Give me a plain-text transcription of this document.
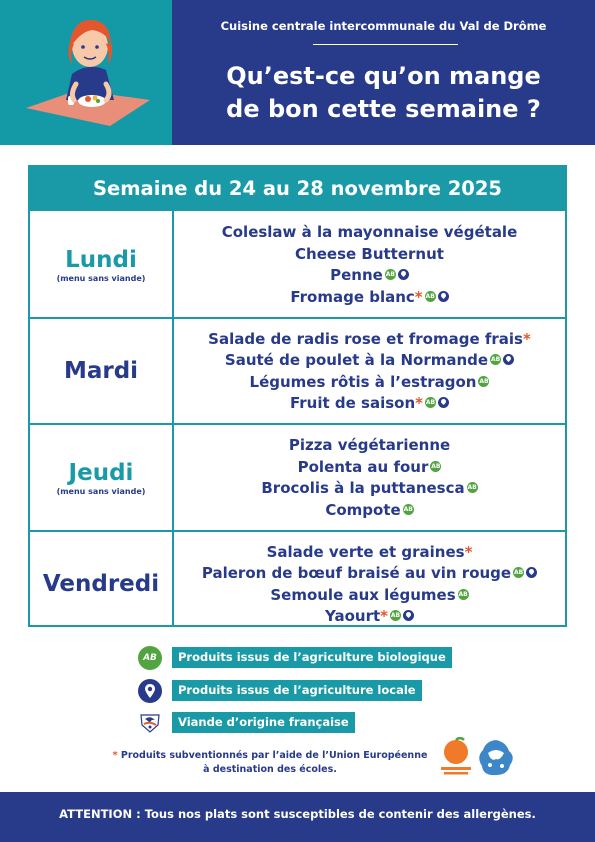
Cuisine centrale intercommunale du Val de Drôme
Qu’est-ce qu’on mange
de bon cette semaine ?
Semaine du 24 au 28 novembre 2025
Lundi
(menu sans viande)
Coleslaw à la mayonnaise végétale
Cheese Butternut
Penne AB
Fromage blanc* AB
Mardi
Salade de radis rose et fromage frais*
Sauté de poulet à la Normande AB
Légumes rôtis à l’estragon AB
Fruit de saison* AB
Jeudi
(menu sans viande)
Pizza végétarienne
Polenta au four AB
Brocolis à la puttanesca AB
Compote AB
Vendredi
Salade verte et graines*
Paleron de bœuf braisé au vin rouge AB
Semoule aux légumes AB
Yaourt* AB
AB	Produits issus de l’agriculture biologique
Produits issus de l’agriculture locale
Viande d’origine française
* Produits subventionnés par l’aide de l’Union Européenne
à destination des écoles.
ATTENTION : Tous nos plats sont susceptibles de contenir des allergènes.
